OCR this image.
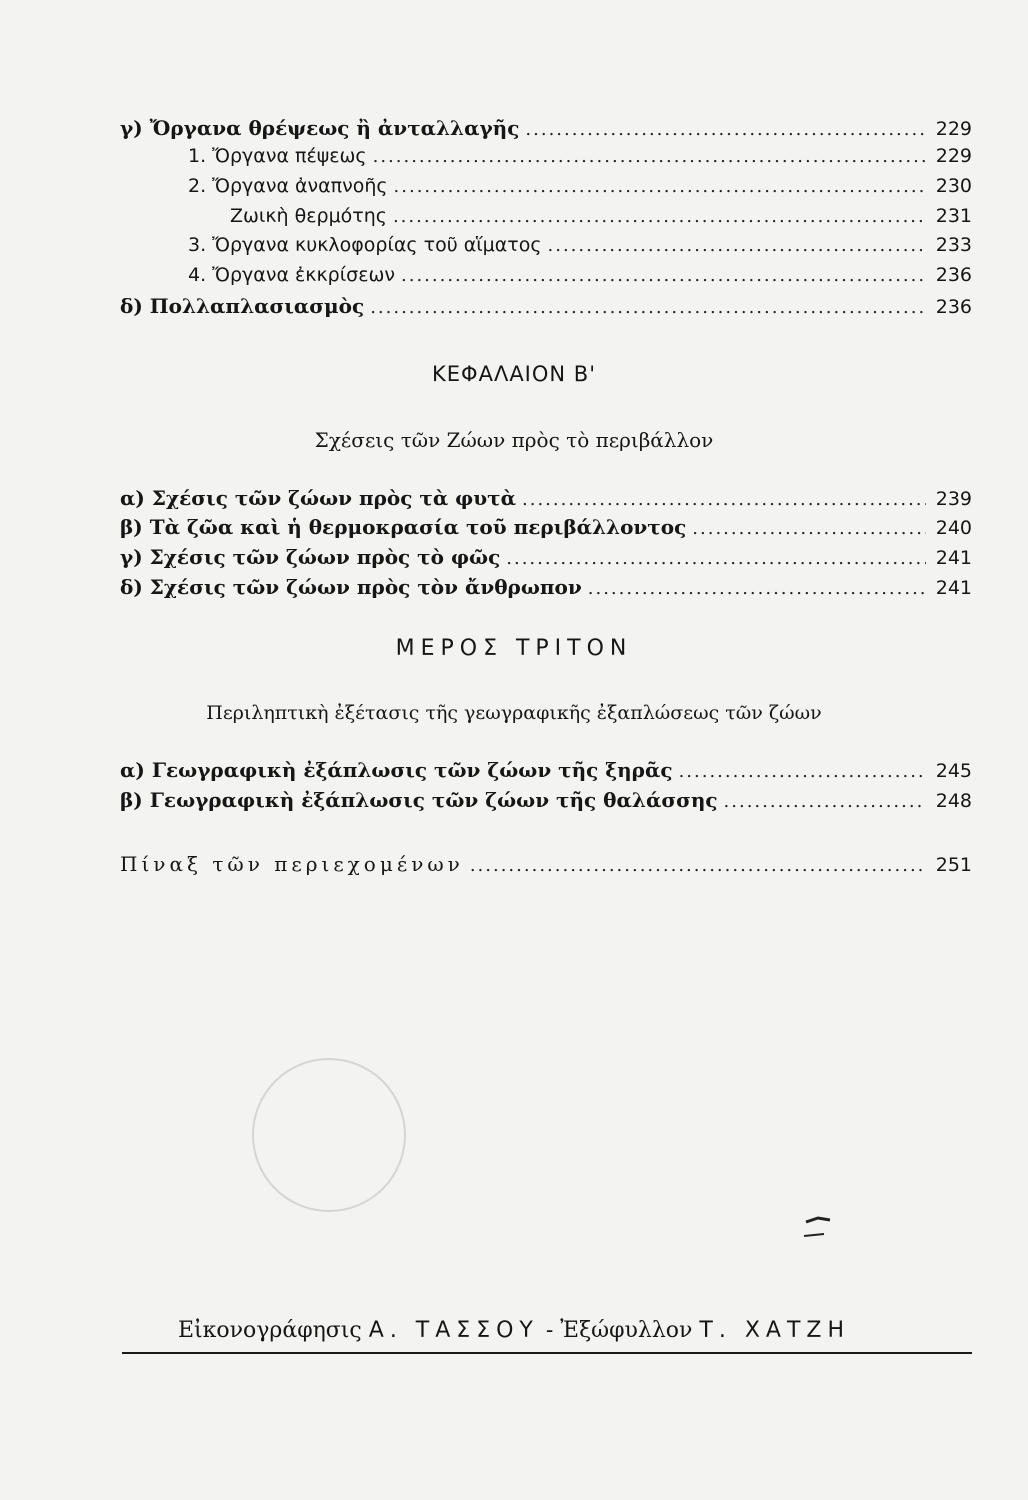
γ) Ὄργανα θρέψεως ἢ ἀνταλλαγῆς .....	229
1. Ὄργανα πέψεως .....	229
2. Ὄργανα ἀναπνοῆς .....	230
Ζωικὴ θερμότης .....	231
3. Ὄργανα κυκλοφορίας τοῦ αἵματος .....	233
4. Ὄργανα ἐκκρίσεων .....	236
δ) Πολλαπλασιασμὸς .....	236
ΚΕΦΑΛΑΙΟΝ Β'
Σχέσεις τῶν Ζώων πρὸς τὸ περιβάλλον
α) Σχέσις τῶν ζώων πρὸς τὰ φυτὰ .....	239
β) Τὰ ζῶα καὶ ἡ θερμοκρασία τοῦ περιβάλλοντος .....	240
γ) Σχέσις τῶν ζώων πρὸς τὸ φῶς .....	241
δ) Σχέσις τῶν ζώων πρὸς τὸν ἄνθρωπον .....	241
ΜΕΡΟΣ ΤΡΙΤΟΝ
Περιληπτικὴ ἐξέτασις τῆς γεωγραφικῆς ἐξαπλώσεως τῶν ζώων
α) Γεωγραφικὴ ἐξάπλωσις τῶν ζώων τῆς ξηρᾶς .....	245
β) Γεωγραφικὴ ἐξάπλωσις τῶν ζώων τῆς θαλάσσης .....	248
Πίναξ τῶν περιεχομένων .....	251
Εἰκονογράφησις Α. ΤΑΣΣΟΥ - Ἐξώφυλλον Τ. ΧΑΤΖΗ
